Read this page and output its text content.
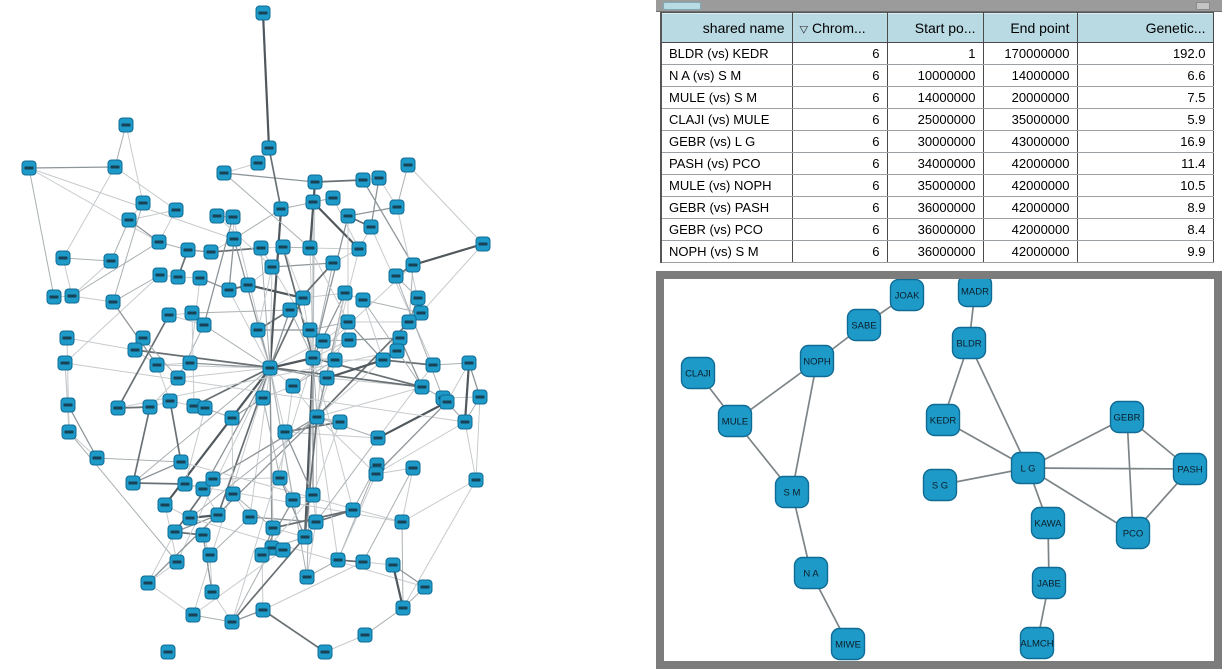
shared name	▽ Chrom...	Start po...	End point	Genetic...
BLDR (vs) KEDR	6	1	170000000	192.0
N A (vs) S M	6	10000000	14000000	6.6
MULE (vs) S M	6	14000000	20000000	7.5
CLAJI (vs) MULE	6	25000000	35000000	5.9
GEBR (vs) L G	6	30000000	43000000	16.9
PASH (vs) PCO	6	34000000	42000000	11.4
MULE (vs) NOPH	6	35000000	42000000	10.5
GEBR (vs) PASH	6	36000000	42000000	8.9
GEBR (vs) PCO	6	36000000	42000000	8.4
NOPH (vs) S M	6	36000000	42000000	9.9
JOAK
SABE
NOPH
CLAJI
MULE
S M
N A
MIWE
MADR
BLDR
KEDR	GEBR
L G	PASH
S G
KAWA
PCO
JABE
ALMCH
